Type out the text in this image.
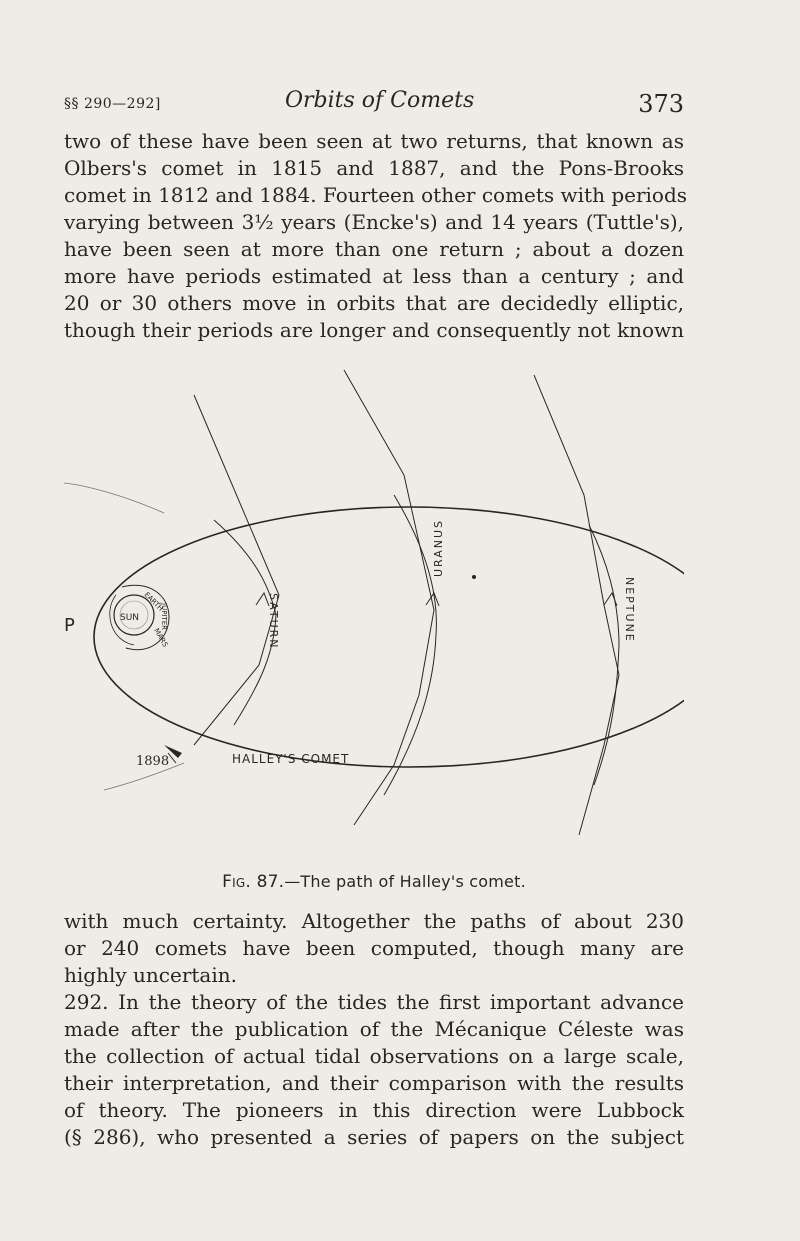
§§ 290—292]	Orbits of Comets	373
two of these have been seen at two returns, that known as
Olbers's comet in 1815 and 1887, and the Pons-Brooks
comet in 1812 and 1884. Fourteen other comets with periods
varying between 3½ years (Encke's) and 14 years (Tuttle's),
have been seen at more than one return ; about a dozen
more have periods estimated at less than a century ; and
20 or 30 others move in orbits that are decidedly elliptic,
though their periods are longer and consequently not known
P	SUN
1898
SATURN
URANUS
NEPTUNE
EARTH
MARS
JUPITER
HALLEY'S COMET
Fig. 87.—The path of Halley's comet.
with much certainty. Altogether the paths of about 230
or 240 comets have been computed, though many are
highly uncertain.
292. In the theory of the tides the first important advance
made after the publication of the Mécanique Céleste was
the collection of actual tidal observations on a large scale,
their interpretation, and their comparison with the results
of theory. The pioneers in this direction were Lubbock
(§ 286), who presented a series of papers on the subject
